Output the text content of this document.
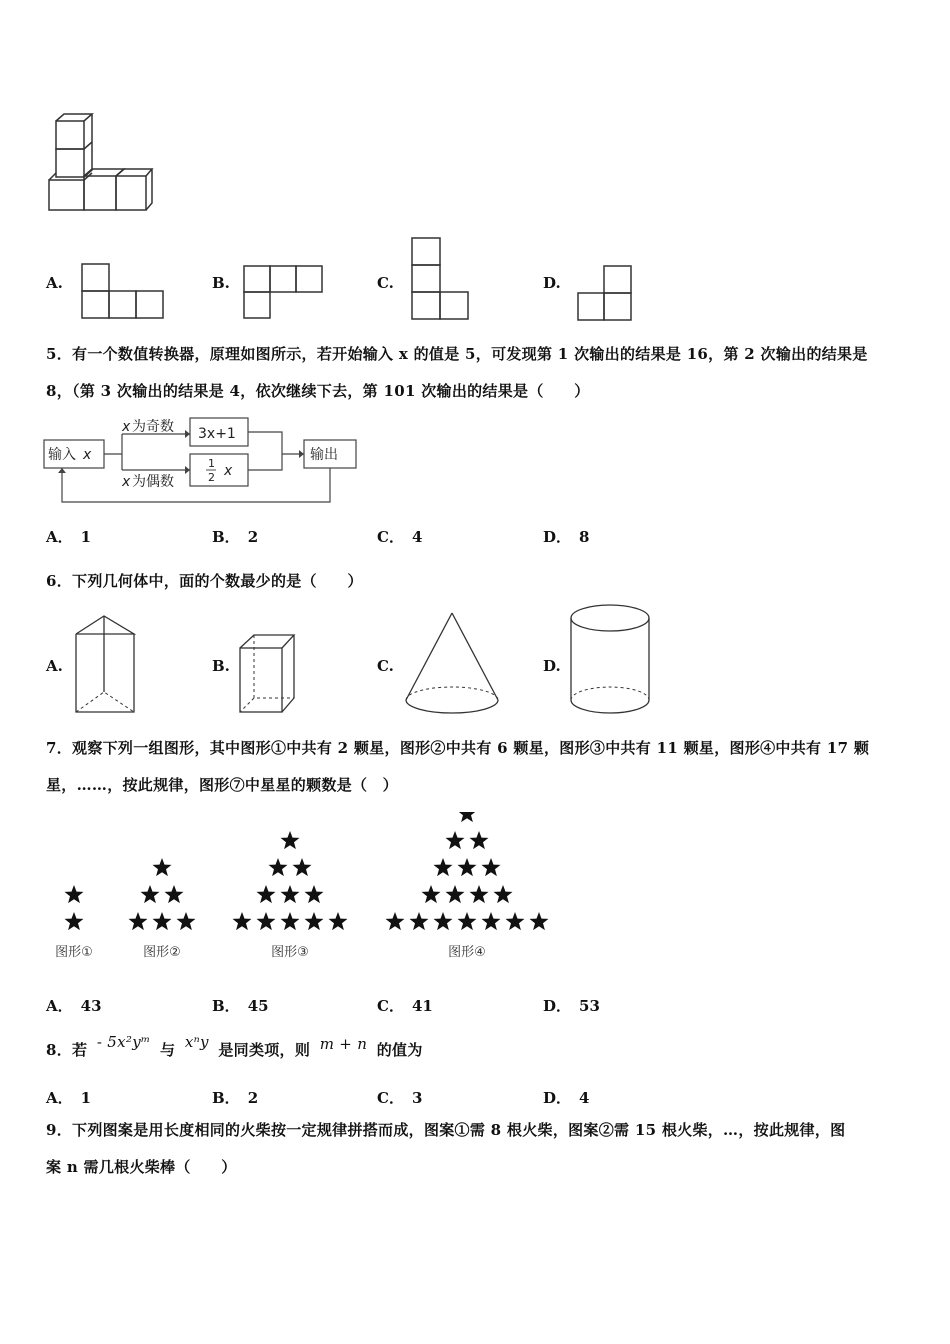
A.	B.	C.	D.
5．有一个数值转换器，原理如图所示，若开始输入 x 的值是 5，可发现第 1 次输出的结果是 16，第 2 次输出的结果是
8，（第 3 次输出的结果是 4，依次继续下去，第 101 次输出的结果是（　　）
输入 x
x 为奇数
x 为偶数
3x+1
1
2 x
输出
A． 1	B． 2	C． 4	D． 8
6．下列几何体中，面的个数最少的是（　　）
A.	B.	C.	D.
7．观察下列一组图形，其中图形①中共有 2 颗星，图形②中共有 6 颗星，图形③中共有 11 颗星，图形④中共有 17 颗
星，……，按此规律，图形⑦中星星的颗数是（　）
图形①	图形②	图形③	图形④
A． 43	B． 45	C． 41	D． 53
8．若 - 5x²yᵐ 与 xⁿy 是同类项，则 m + n 的值为
A． 1	B． 2	C． 3	D． 4
9．下列图案是用长度相同的火柴按一定规律拼搭而成，图案①需 8 根火柴，图案②需 15 根火柴，…，按此规律，图
案 n 需几根火柴棒（　　）
